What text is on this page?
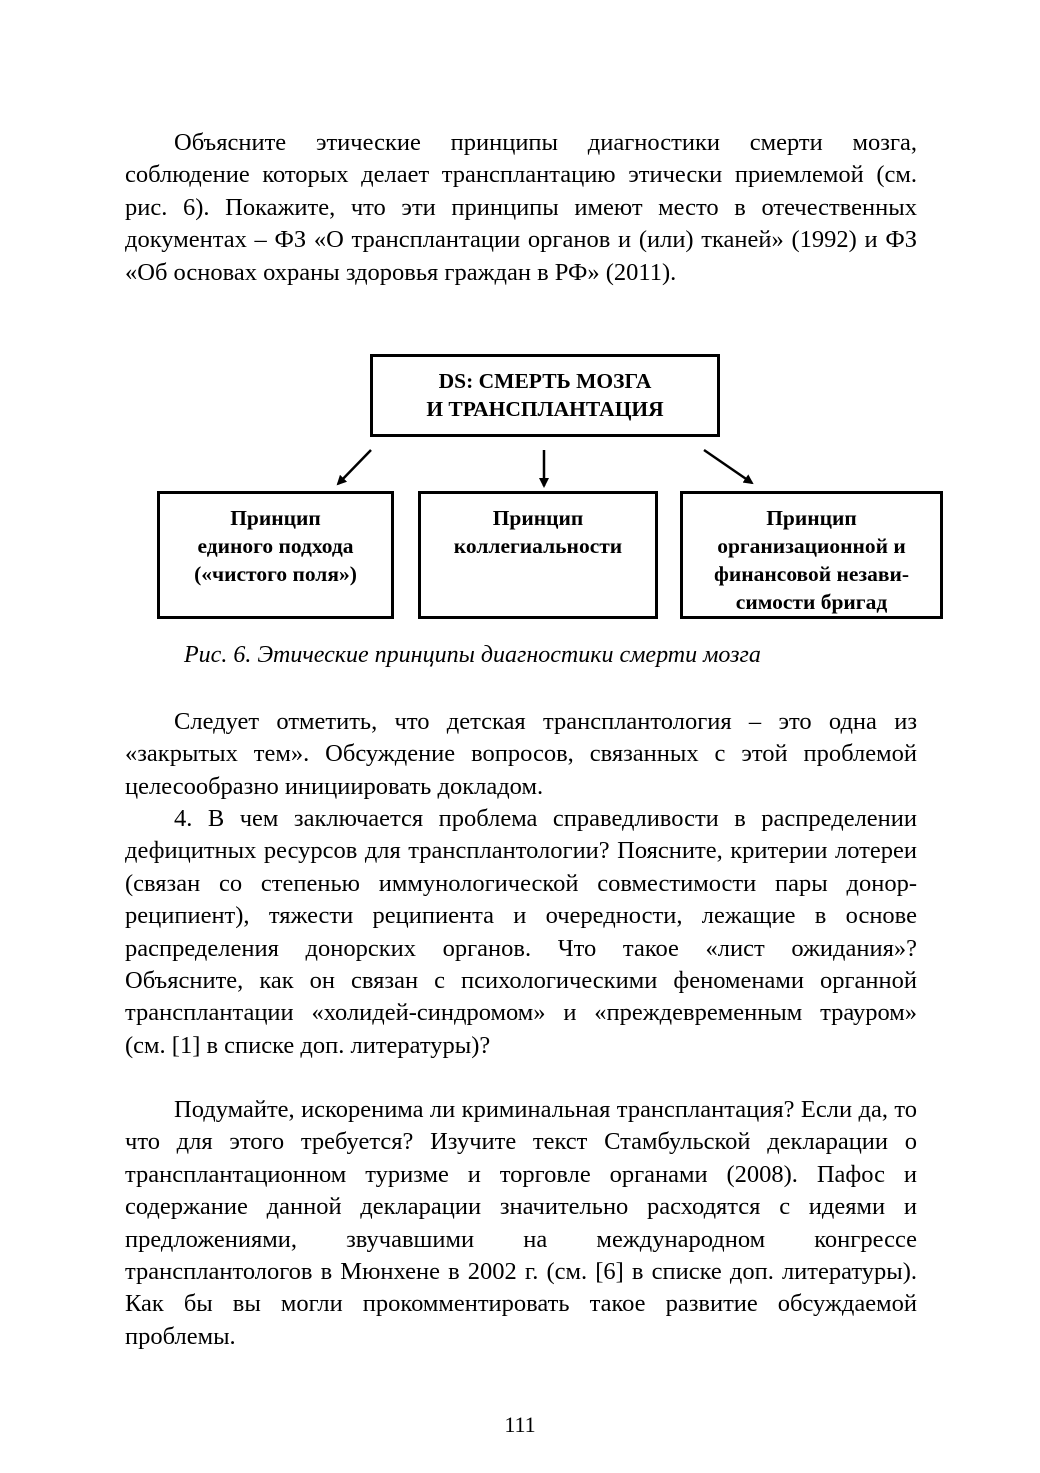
Объясните этические принципы диагностики смерти мозга, соблюдение которых делает трансплантацию этически приемлемой (см. рис. 6). Покажите, что эти принципы имеют место в отечественных документах – ФЗ «О трансплантации органов и (или) тканей» (1992) и ФЗ «Об основах охраны здоровья граждан в РФ» (2011).

DS: СМЕРТЬ МОЗГА
И ТРАНСПЛАНТАЦИЯ
Принцип
единого подхода
(«чистого поля»)
Принцип
коллегиальности
Принцип
организационной и
финансовой незави-
симости бригад

Рис. 6. Этические принципы диагностики смерти мозга

Следует отметить, что детская трансплантология – это одна из «закрытых тем». Обсуждение вопросов, связанных с этой проблемой целесообразно инициировать докладом.

4. В чем заключается проблема справедливости в распределении дефицитных ресурсов для трансплантологии? Поясните, критерии лотереи (связан со степенью иммунологической совместимости пары донор-реципиент), тяжести реципиента и очередности, лежащие в основе распределения донорских органов. Что такое «лист ожидания»? Объясните, как он связан с психологическими феноменами органной трансплантации «холидей-синдромом» и «преждевременным трауром» (см. [1] в списке доп. литературы)?

Подумайте, искоренима ли криминальная трансплантация? Если да, то что для этого требуется? Изучите текст Стамбульской декларации о трансплантационном туризме и торговле органами (2008). Пафос и содержание данной декларации значительно расходятся с идеями и предложениями, звучавшими на международном конгрессе трансплантологов в Мюнхене в 2002 г. (см. [6] в списке доп. литературы). Как бы вы могли прокомментировать такое развитие обсуждаемой проблемы.

111
